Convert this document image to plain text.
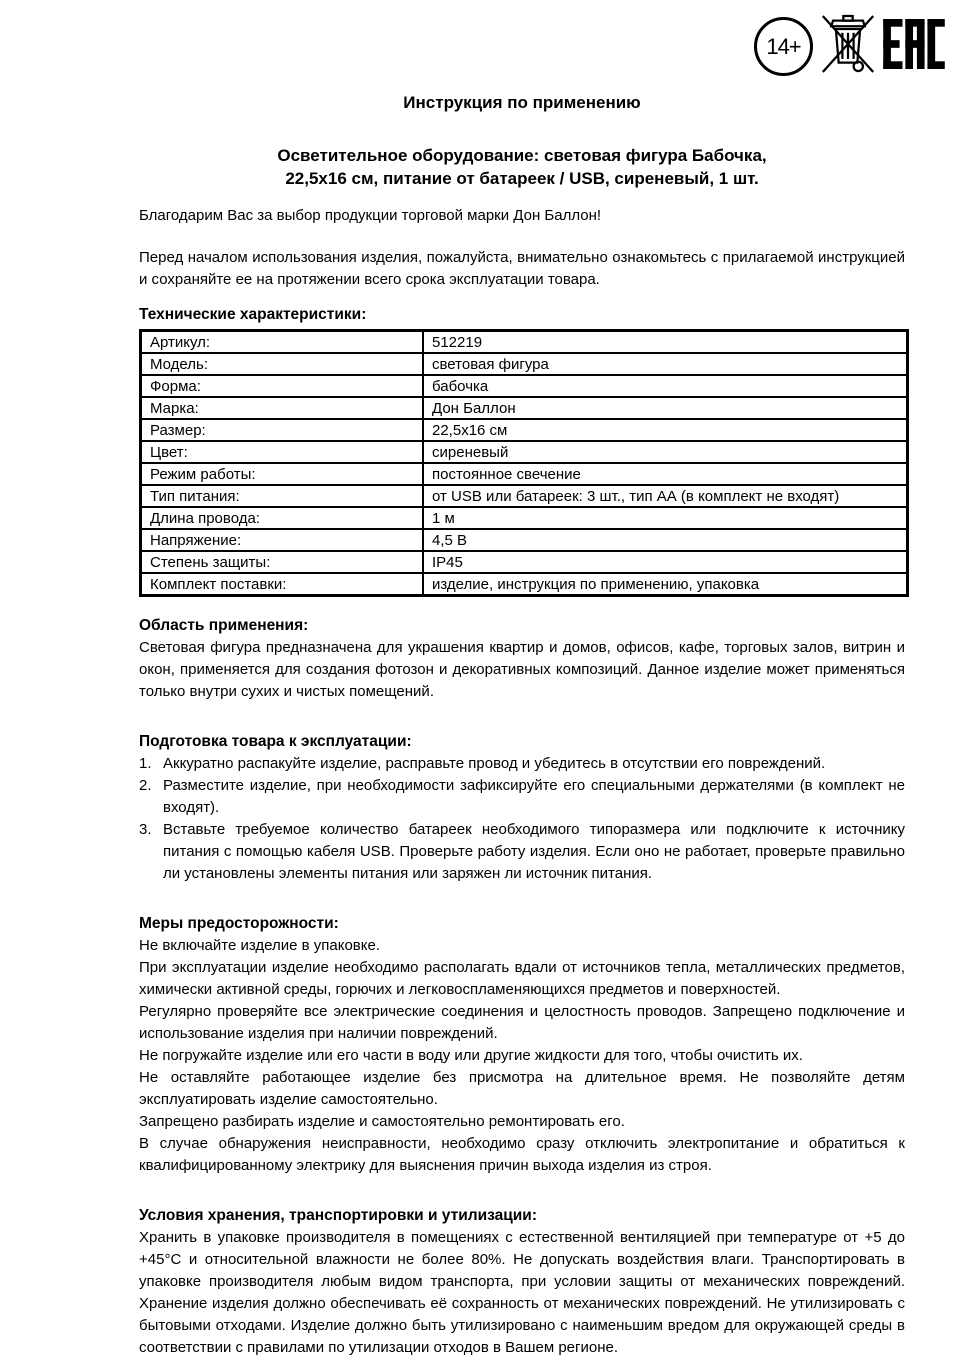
14+
Инструкция по применению
Осветительное оборудование: световая фигура Бабочка,
22,5х16 см, питание от батареек / USB, сиреневый, 1 шт.

Благодарим Вас за выбор продукции торговой марки Дон Баллон!

Перед началом использования изделия, пожалуйста, внимательно ознакомьтесь с прилагаемой инструкцией и сохраняйте ее на протяжении всего срока эксплуатации товара.

Технические характеристики:
Артикул:	512219
Модель:	световая фигура
Форма:	бабочка
Марка:	Дон Баллон
Размер:	22,5х16 см
Цвет:	сиреневый
Режим работы:	постоянное свечение
Тип питания:	от USB или батареек: 3 шт., тип АА (в комплект не входят)
Длина провода:	1 м
Напряжение:	4,5 В
Степень защиты:	IP45
Комплект поставки:	изделие, инструкция по применению, упаковка
Область применения:

Световая фигура предназначена для украшения квартир и домов, офисов, кафе, торговых залов, витрин и окон, применяется для создания фотозон и декоративных композиций. Данное изделие может применяться только внутри сухих и чистых помещений.

Подготовка товара к эксплуатации:
1. Аккуратно распакуйте изделие, расправьте провод и убедитесь в отсутствии его повреждений.
2. Разместите изделие, при необходимости зафиксируйте его специальными держателями (в комплект не входят).
3. Вставьте требуемое количество батареек необходимого типоразмера или подключите к источнику питания с помощью кабеля USB. Проверьте работу изделия. Если оно не работает, проверьте правильно ли установлены элементы питания или заряжен ли источник питания.
Меры предосторожности:

Не включайте изделие в упаковке.

При эксплуатации изделие необходимо располагать вдали от источников тепла, металлических предметов, химически активной среды, горючих и легковоспламеняющихся предметов и поверхностей.

Регулярно проверяйте все электрические соединения и целостность проводов. Запрещено подключение и использование изделия при наличии повреждений.

Не погружайте изделие или его части в воду или другие жидкости для того, чтобы очистить их.

Не оставляйте работающее изделие без присмотра на длительное время. Не позволяйте детям эксплуатировать изделие самостоятельно.

Запрещено разбирать изделие и самостоятельно ремонтировать его.

В случае обнаружения неисправности, необходимо сразу отключить электропитание и обратиться к квалифицированному электрику для выяснения причин выхода изделия из строя.

Условия хранения, транспортировки и утилизации:

Хранить в упаковке производителя в помещениях с естественной вентиляцией при температуре от +5 до +45°С и относительной влажности не более 80%. Не допускать воздействия влаги. Транспортировать в упаковке производителя любым видом транспорта, при условии защиты от механических повреждений. Хранение изделия должно обеспечивать её сохранность от механических повреждений. Не утилизировать с бытовыми отходами. Изделие должно быть утилизировано с наименьшим вредом для окружающей среды в соответствии с правилами по утилизации отходов в Вашем регионе.
